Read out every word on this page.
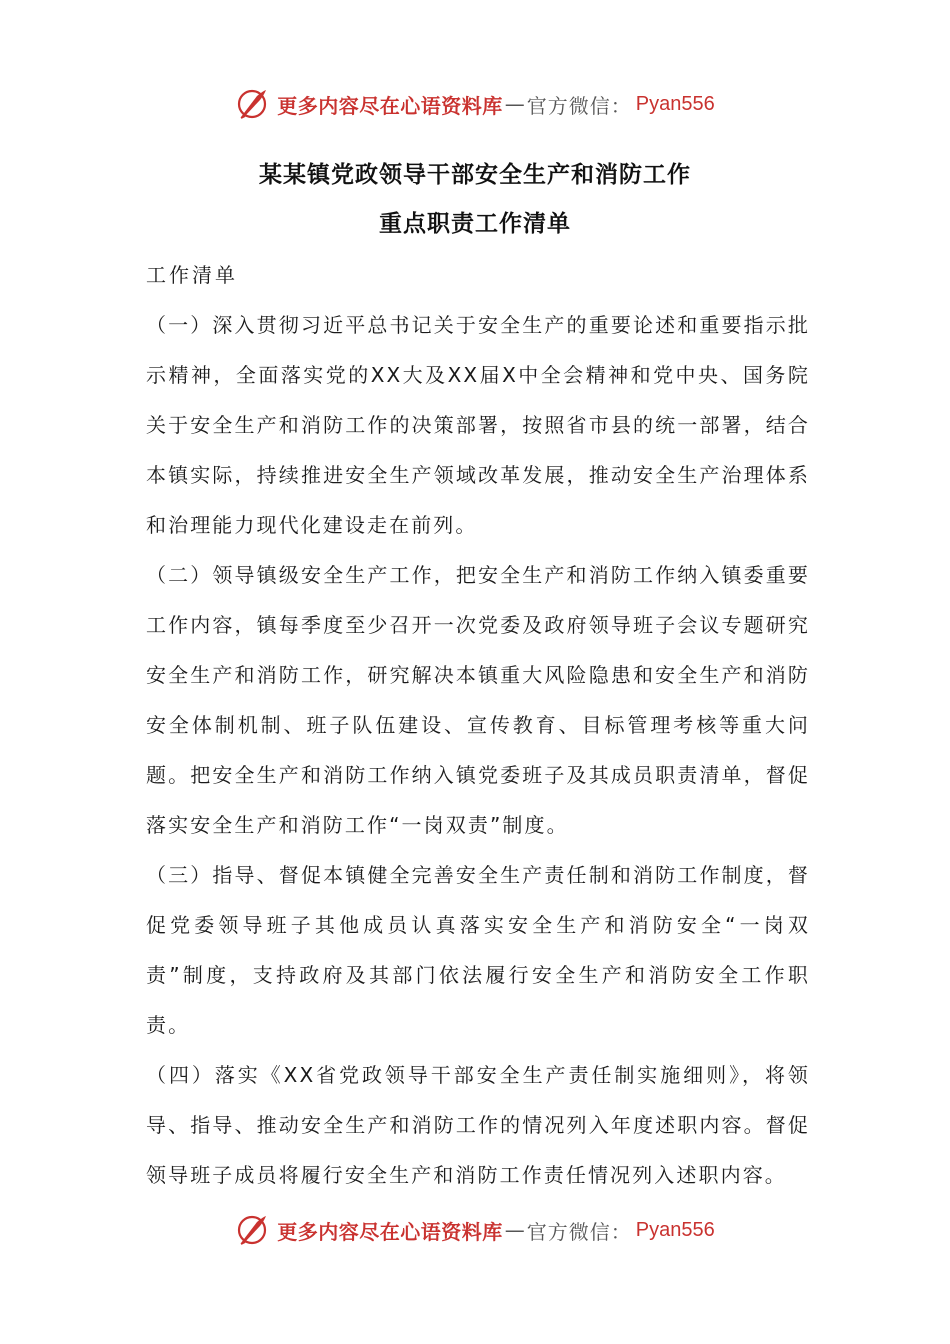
更多内容尽在心语资料库 — 官方微信： Pyan556
某某镇党政领导干部安全生产和消防工作
重点职责工作清单

工作清单

（一）深入贯彻习近平总书记关于安全生产的重要论述和重要指示批示精神，全面落实党的XX大及XX届X中全会精神和党中央、国务院关于安全生产和消防工作的决策部署，按照省市县的统一部署，结合本镇实际，持续推进安全生产领域改革发展，推动安全生产治理体系和治理能力现代化建设走在前列。

（二）领导镇级安全生产工作，把安全生产和消防工作纳入镇委重要工作内容，镇每季度至少召开一次党委及政府领导班子会议专题研究安全生产和消防工作，研究解决本镇重大风险隐患和安全生产和消防安全体制机制、班子队伍建设、宣传教育、目标管理考核等重大问题。把安全生产和消防工作纳入镇党委班子及其成员职责清单，督促落实安全生产和消防工作“一岗双责”制度。

（三）指导、督促本镇健全完善安全生产责任制和消防工作制度，督促党委领导班子其他成员认真落实安全生产和消防安全“一岗双责”制度，支持政府及其部门依法履行安全生产和消防安全工作职责。

（四）落实《XX省党政领导干部安全生产责任制实施细则》，将领导、指导、推动安全生产和消防工作的情况列入年度述职内容。督促领导班子成员将履行安全生产和消防工作责任情况列入述职内容。

更多内容尽在心语资料库 — 官方微信： Pyan556
